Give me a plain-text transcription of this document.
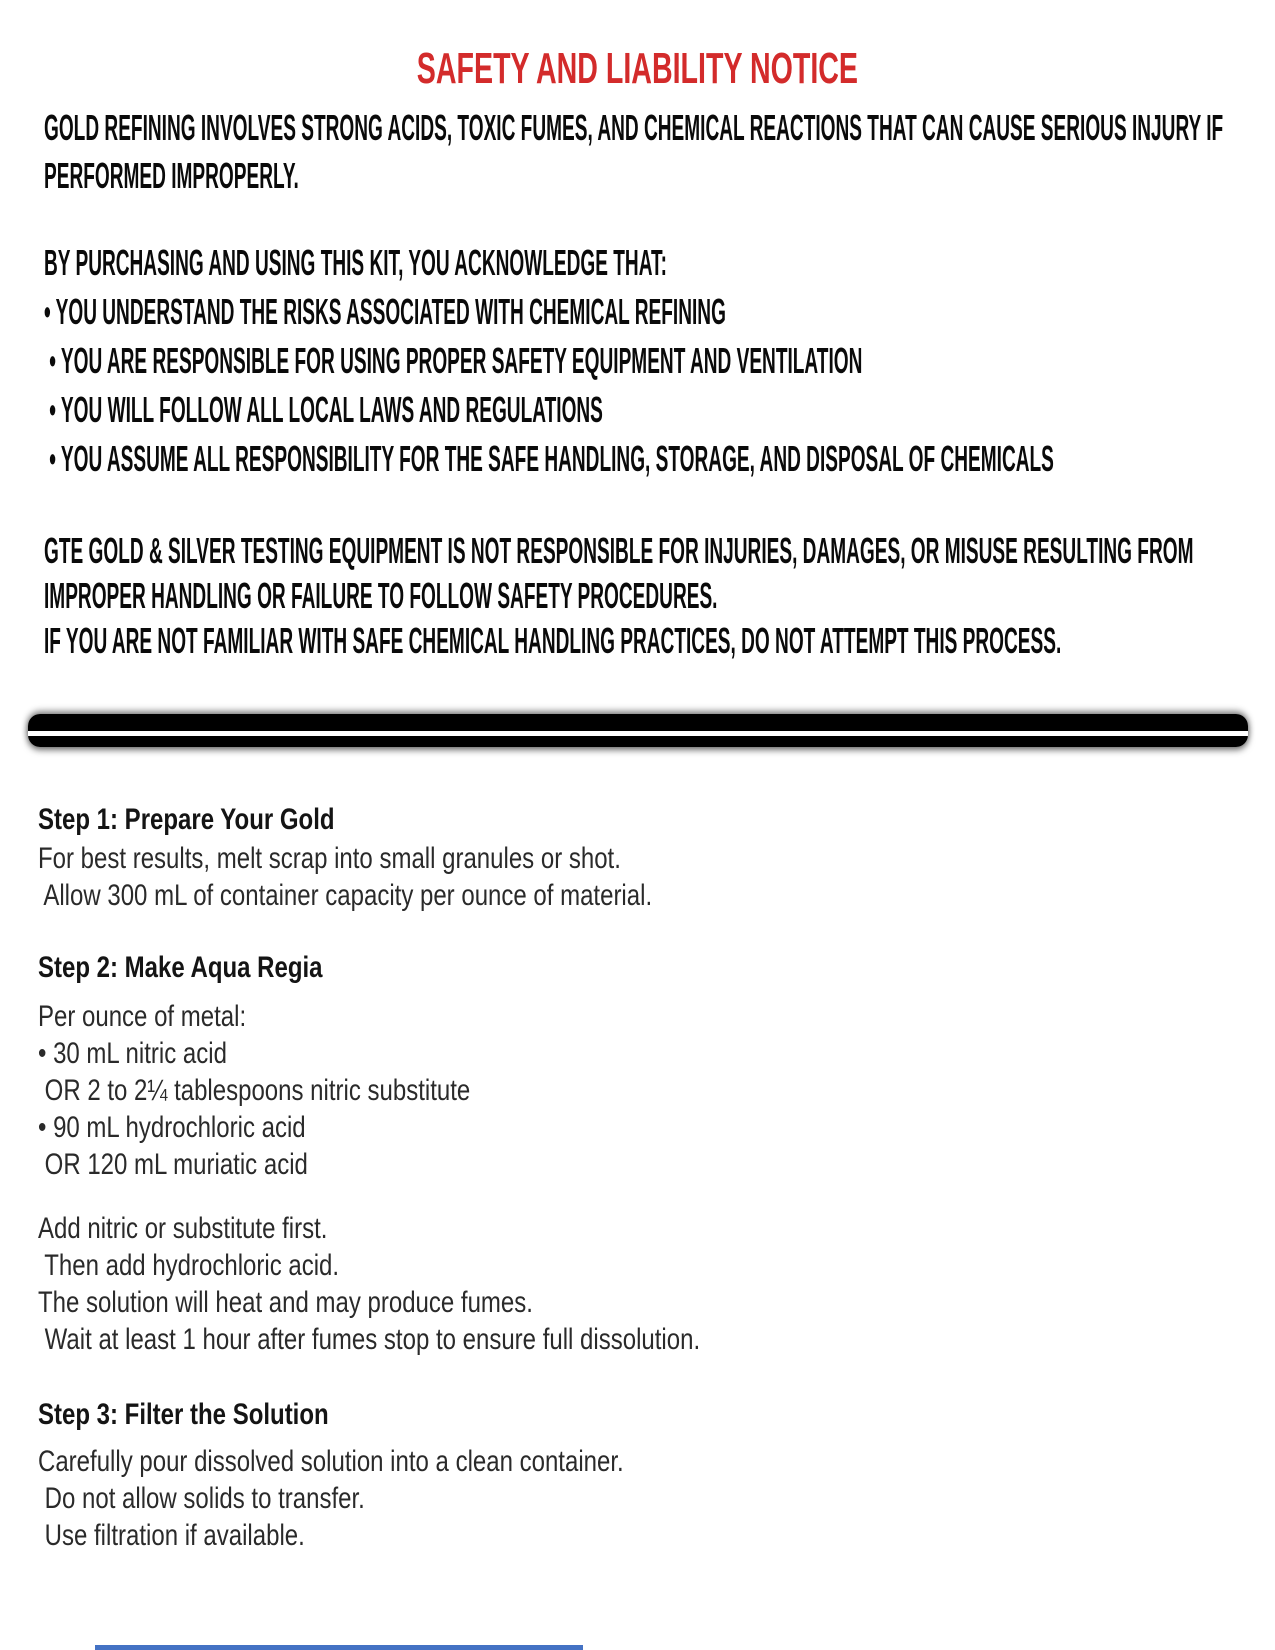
SAFETY AND LIABILITY NOTICE
GOLD REFINING INVOLVES STRONG ACIDS, TOXIC FUMES, AND CHEMICAL REACTIONS THAT CAN CAUSE SERIOUS INJURY IF
PERFORMED IMPROPERLY.
BY PURCHASING AND USING THIS KIT, YOU ACKNOWLEDGE THAT:
• YOU UNDERSTAND THE RISKS ASSOCIATED WITH CHEMICAL REFINING
• YOU ARE RESPONSIBLE FOR USING PROPER SAFETY EQUIPMENT AND VENTILATION
• YOU WILL FOLLOW ALL LOCAL LAWS AND REGULATIONS
• YOU ASSUME ALL RESPONSIBILITY FOR THE SAFE HANDLING, STORAGE, AND DISPOSAL OF CHEMICALS
GTE GOLD & SILVER TESTING EQUIPMENT IS NOT RESPONSIBLE FOR INJURIES, DAMAGES, OR MISUSE RESULTING FROM
IMPROPER HANDLING OR FAILURE TO FOLLOW SAFETY PROCEDURES.
IF YOU ARE NOT FAMILIAR WITH SAFE CHEMICAL HANDLING PRACTICES, DO NOT ATTEMPT THIS PROCESS.
Step 1: Prepare Your Gold
For best results, melt scrap into small granules or shot.
Allow 300 mL of container capacity per ounce of material.
Step 2: Make Aqua Regia
Per ounce of metal:
• 30 mL nitric acid
OR 2 to 2¼ tablespoons nitric substitute
• 90 mL hydrochloric acid
OR 120 mL muriatic acid
Add nitric or substitute first.
Then add hydrochloric acid.
The solution will heat and may produce fumes.
Wait at least 1 hour after fumes stop to ensure full dissolution.
Step 3: Filter the Solution
Carefully pour dissolved solution into a clean container.
Do not allow solids to transfer.
Use filtration if available.
